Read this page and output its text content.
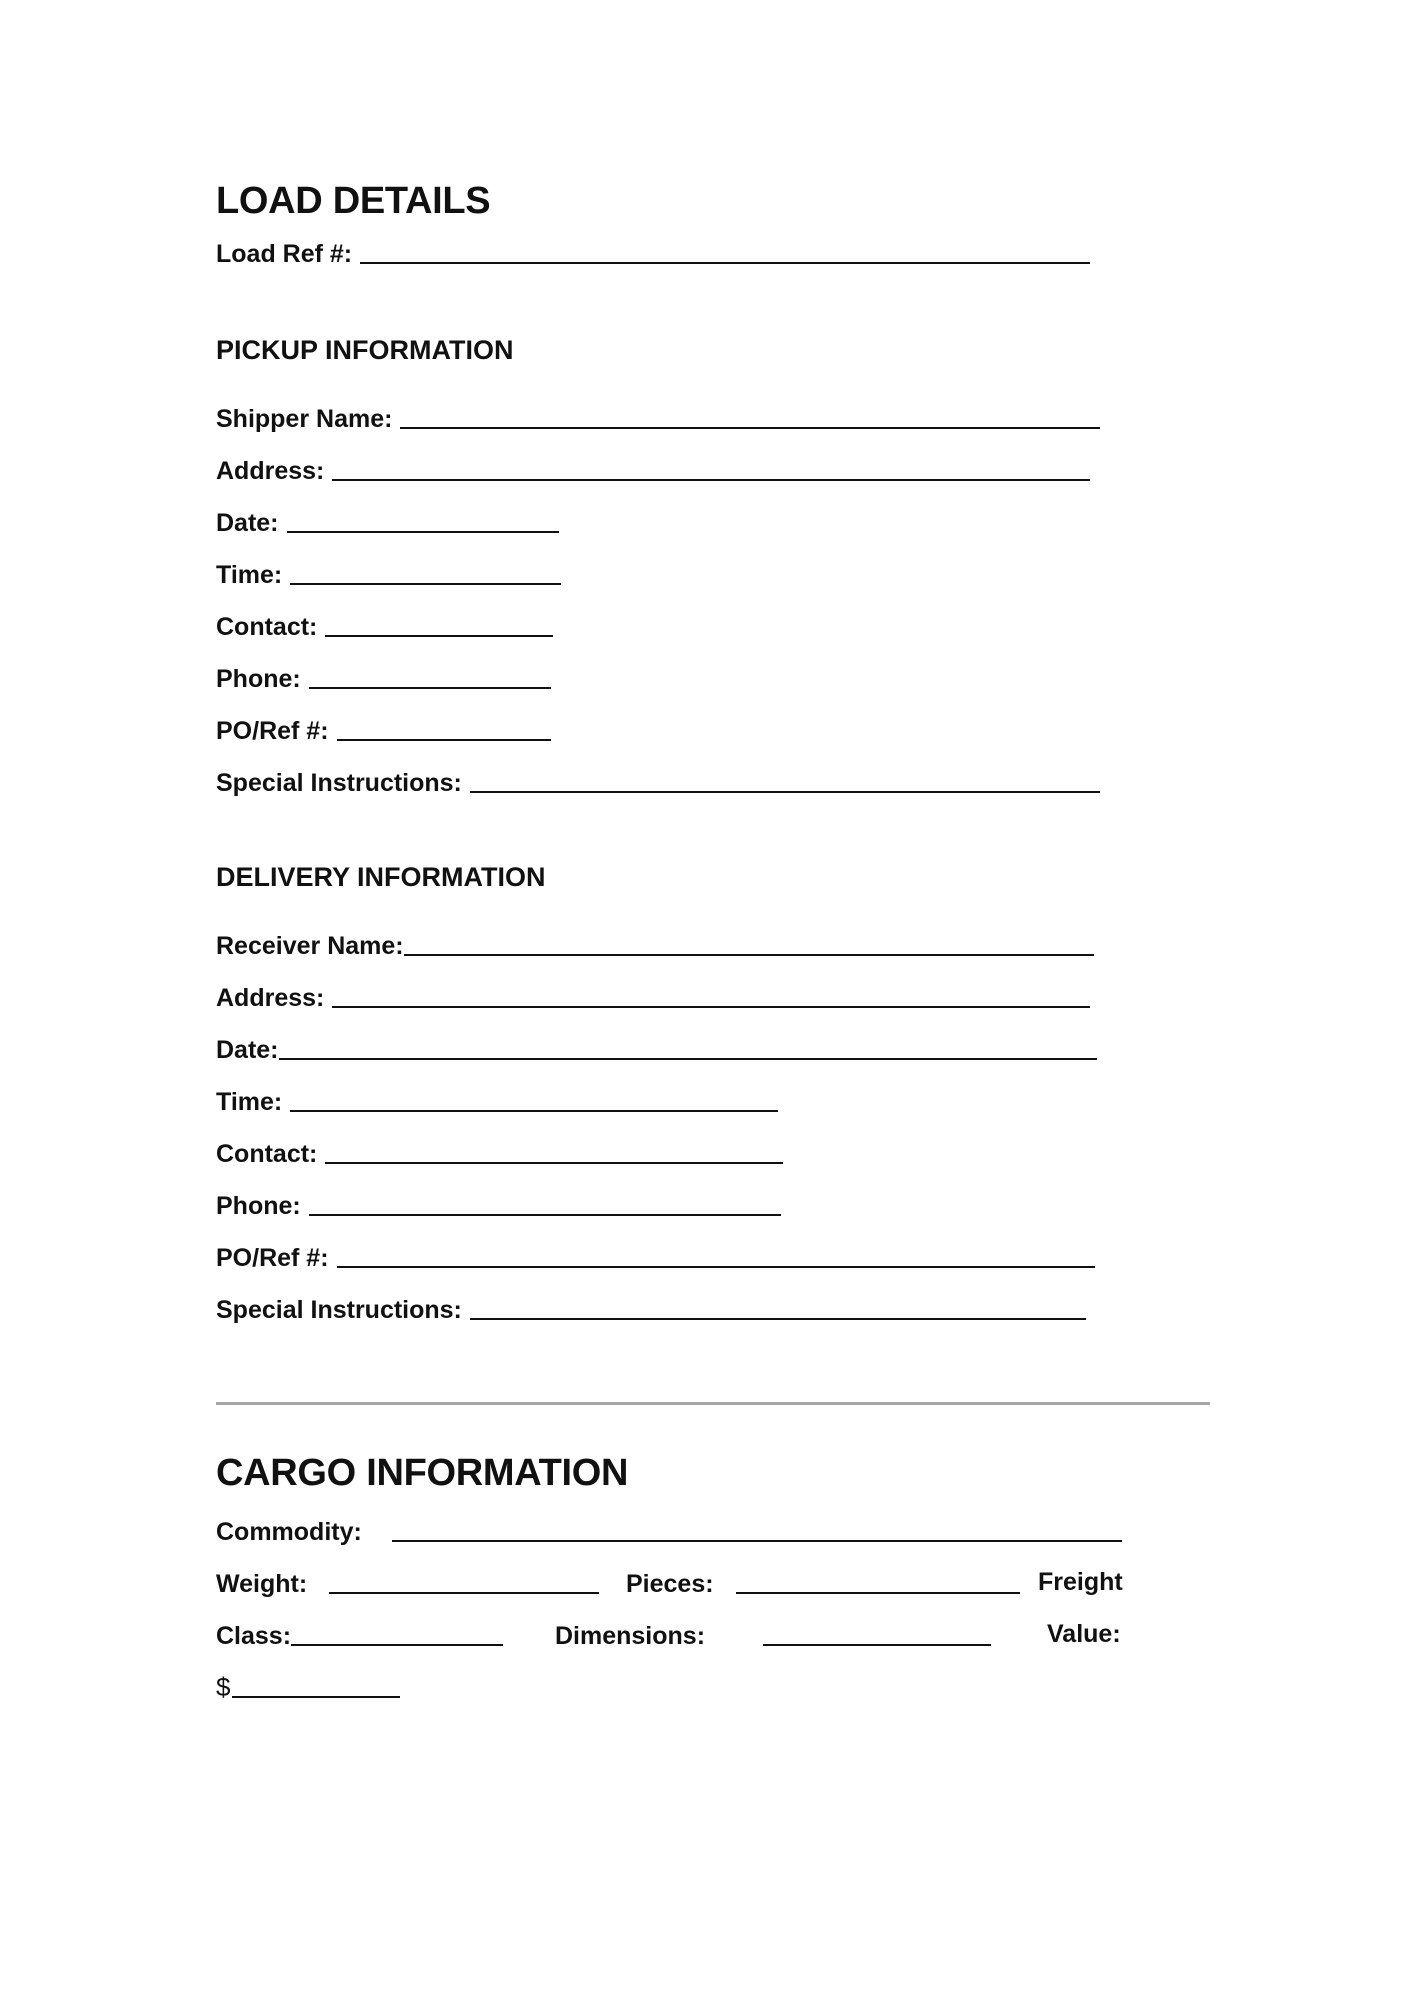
LOAD DETAILS
Load Ref #:
PICKUP INFORMATION
Shipper Name:
Address:
Date:
Time:
Contact:
Phone:
PO/Ref #:
Special Instructions:
DELIVERY INFORMATION
Receiver Name:
Address:
Date:
Time:
Contact:
Phone:
PO/Ref #:
Special Instructions:
CARGO INFORMATION
Commodity:
Weight:	Pieces:	Freight
Class:	Dimensions:	Value:
$
